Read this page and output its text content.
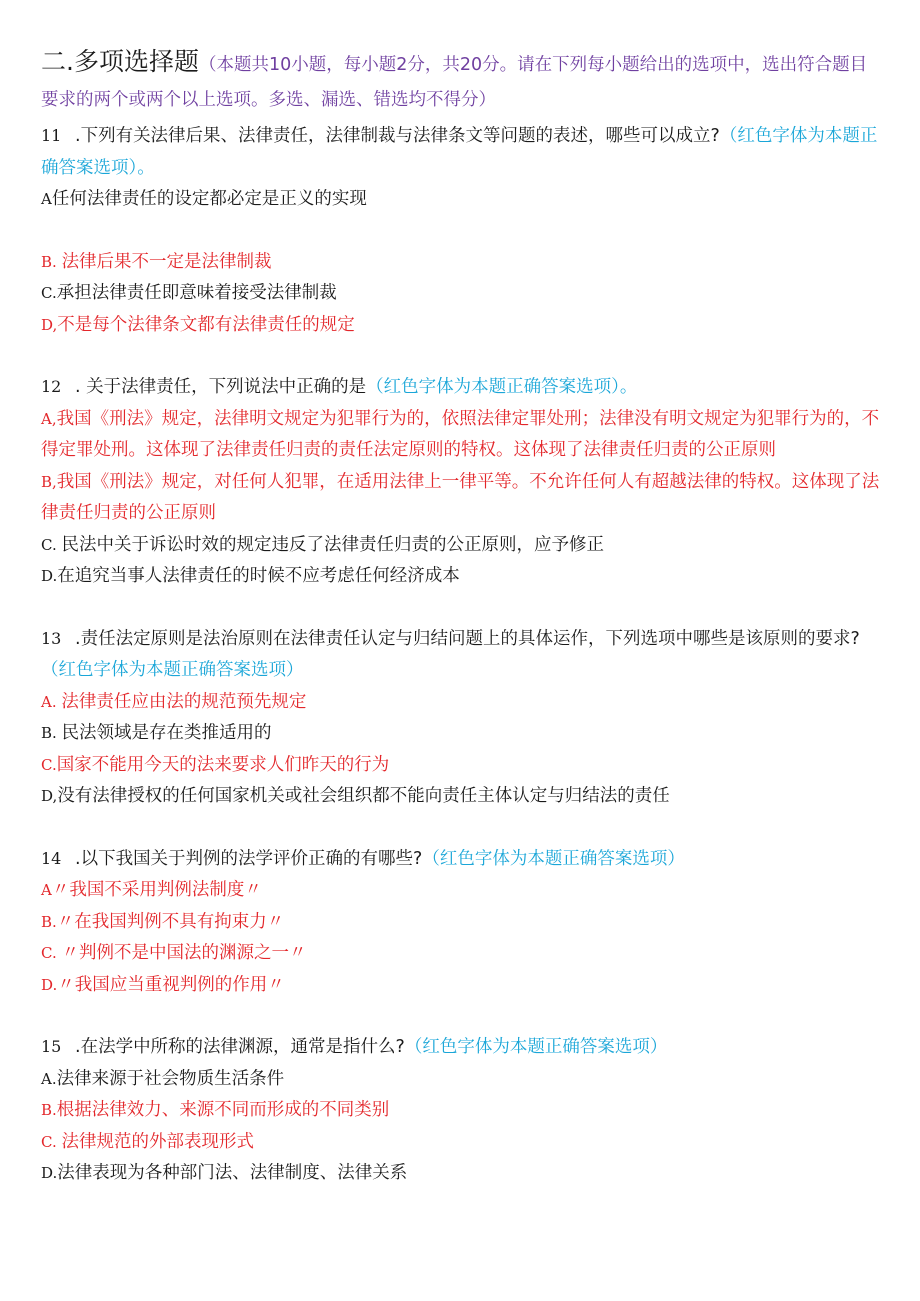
二.多项选择题（本题共10小题，每小题2分，共20分。请在下列每小题给出的选项中，选出符合题目要求的两个或两个以上选项。多选、漏选、错选均不得分）
11 .下列有关法律后果、法律责任，法律制裁与法律条文等问题的表述，哪些可以成立?（红色字体为本题正确答案选项）。
A任何法律责任的设定都必定是正义的实现
B. 法律后果不一定是法律制裁
C.承担法律责任即意味着接受法律制裁
D,不是每个法律条文都有法律责任的规定
12 . 关于法律责任，下列说法中正确的是（红色字体为本题正确答案选项）。
A,我国《刑法》规定，法律明文规定为犯罪行为的，依照法律定罪处刑；法律没有明文规定为犯罪行为的，不得定罪处刑。这体现了法律责任归责的责任法定原则的特权。这体现了法律责任归责的公正原则
B,我国《刑法》规定，对任何人犯罪，在适用法律上一律平等。不允许任何人有超越法律的特权。这体现了法律责任归责的公正原则
C. 民法中关于诉讼时效的规定违反了法律责任归责的公正原则，应予修正
D.在追究当事人法律责任的时候不应考虑任何经济成本
13 .责任法定原则是法治原则在法律责任认定与归结问题上的具体运作，下列选项中哪些是该原则的要求?（红色字体为本题正确答案选项）
A. 法律责任应由法的规范预先规定
B. 民法领域是存在类推适用的
C.国家不能用今天的法来要求人们昨天的行为
D,没有法律授权的任何国家机关或社会组织都不能向责任主体认定与归结法的责任
14 .以下我国关于判例的法学评价正确的有哪些?（红色字体为本题正确答案选项）
A〃我国不采用判例法制度〃
B.〃在我国判例不具有拘束力〃
C. 〃判例不是中国法的渊源之一〃
D.〃我国应当重视判例的作用〃
15 .在法学中所称的法律渊源，通常是指什么?（红色字体为本题正确答案选项）
A.法律来源于社会物质生活条件
B.根据法律效力、来源不同而形成的不同类别
C. 法律规范的外部表现形式
D.法律表现为各种部门法、法律制度、法律关系
